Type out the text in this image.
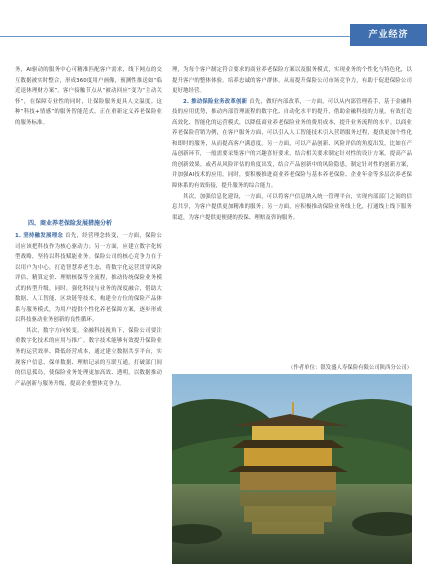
产业经济

务，AI驱动的服务中心可精准匹配客户需求，线下网点的交互数据被实时整合，形成360度用户画像，预测性推送如“临近退休理财方案”。客户接触节点从“被动回应”变为“主动关怀”，在保障专业性的同时，让保险服务更具人文温度。这种“科技+情感”的服务智能范式，正在重新定义养老保险业的服务标准。

四、商业养老保险发展措施分析

1. 坚持融发展理念 首先，经营理念转变，一方面，保险公司应该把科技作为核心驱动力；另一方面，应建立数字化转型战略，坚持以科技赋能业务。保险公司的核心竞争力在于以用户为中心，打造智慧养老生态，将数字化运营贯穿风险评估、精算定价、理赔核保等全流程，推动传统保险业务模式的转型升级。同时，强化科技与业务的深度融合，借助大数据、人工智能、区块链等技术，构建全方位的保险产品体系与服务模式，为用户提供个性化养老保障方案，逐步形成以科技驱动业务创新的良性循环。

其次，数字方向转变，金融科技视角下，保险公司要注重数字化技术的应用与推广。数字技术能够有效提升保险业务的运营效率、降低经营成本，通过建立数据共享平台，实现客户信息、保单数据、理赔记录的互联互通，打破部门间的信息孤岛，使保险业务处理更加高效、透明，以数据推动产品创新与服务升级，提高企业整体竞争力。

理，为每个客户制定符合要求的商业养老保险方案以及服务模式，实现业务的个性化与特色化，以提升客户的整体体验。培养忠诚的客户群体，从而提升保险公司市场竞争力，有助于促进保险公司更好地经营。

2. 推动保险业务改革创新 首先，做好内部改革，一方面，可以从内部管理着手，基于金融科技的应用优势，推动内部管理流程的数字化、自动化水平的提升，借助金融科技的力量，有效打造高效化、智能化的运营模式，以降低商业养老保险业务的费用成本，提升业务流程的水平。以商业养老保险营销为例，在客户服务方面，可以引入人工智能技术引入营销服务过程，提供更加个性化和即时的服务，从而提高客户满意度。另一方面，可以产品创新、风险评估的角度出发，比如在产品创新环节，一般需要采集客户的兴趣喜好要求，结合相关要求制定针对性的设计方案，提高产品的创新效果。或者从风险评估的角度出发，结合产品创新中的风险隐患，制定针对性的创新方案，并加强AI技术的应用。同时，要积极推进商业养老保险与基本养老保险、企业年金等多层次养老保障体系的有效衔接，提升服务的综合能力。

其次，加强信息化建设，一方面，可以将客户信息纳入统一管理平台，实现内部部门之间的信息共享，为客户提供更加精准的服务；另一方面，应积极推动保险业务线上化，打通线上线下服务渠道，为客户提供更便捷的投保、理赔及咨询服务。

（作者单位：银发盛人寿保险有限公司陕西分公司）
